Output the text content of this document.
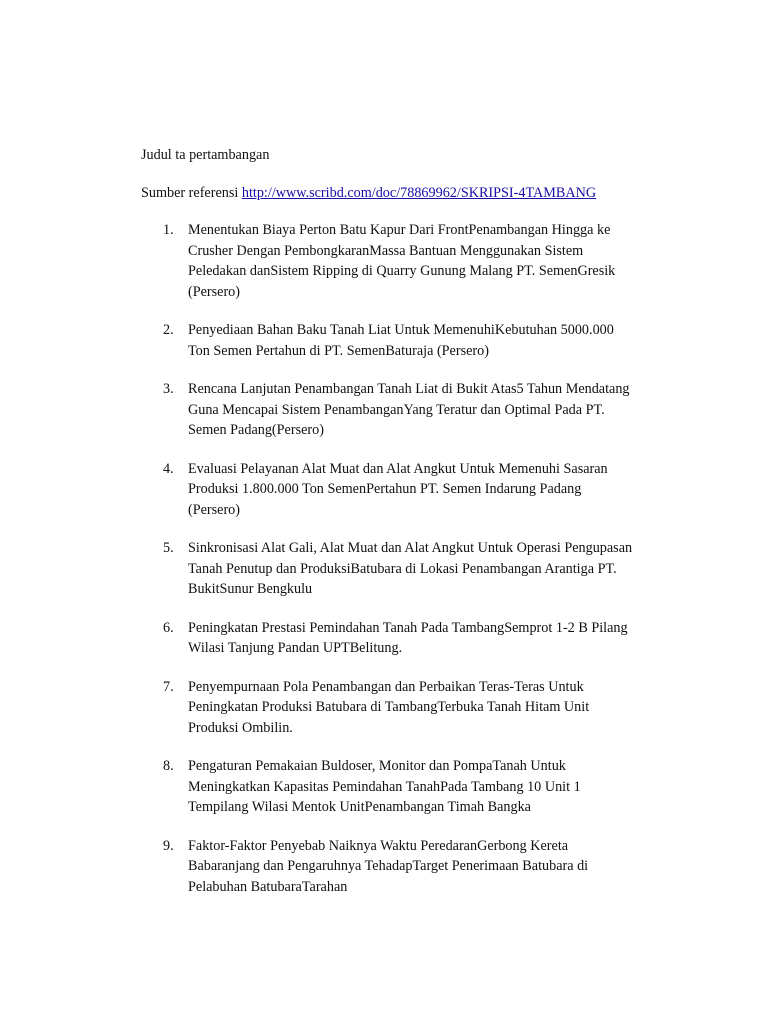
Judul ta pertambangan

Sumber referensi http://www.scribd.com/doc/78869962/SKRIPSI-4TAMBANG
1. Menentukan Biaya Perton Batu Kapur Dari FrontPenambangan Hingga ke
Crusher Dengan PembongkaranMassa Bantuan Menggunakan Sistem
Peledakan danSistem Ripping di Quarry Gunung Malang PT. SemenGresik
(Persero)
2. Penyediaan Bahan Baku Tanah Liat Untuk MemenuhiKebutuhan 5000.000
Ton Semen Pertahun di PT. SemenBaturaja (Persero)
3. Rencana Lanjutan Penambangan Tanah Liat di Bukit Atas5 Tahun Mendatang
Guna Mencapai Sistem PenambanganYang Teratur dan Optimal Pada PT.
Semen Padang(Persero)
4. Evaluasi Pelayanan Alat Muat dan Alat Angkut Untuk Memenuhi Sasaran
Produksi 1.800.000 Ton SemenPertahun PT. Semen Indarung Padang
(Persero)
5. Sinkronisasi Alat Gali, Alat Muat dan Alat Angkut Untuk Operasi Pengupasan
Tanah Penutup dan ProduksiBatubara di Lokasi Penambangan Arantiga PT.
BukitSunur Bengkulu
6. Peningkatan Prestasi Pemindahan Tanah Pada TambangSemprot 1-2 B Pilang
Wilasi Tanjung Pandan UPTBelitung.
7. Penyempurnaan Pola Penambangan dan Perbaikan Teras-Teras Untuk
Peningkatan Produksi Batubara di TambangTerbuka Tanah Hitam Unit
Produksi Ombilin.
8. Pengaturan Pemakaian Buldoser, Monitor dan PompaTanah Untuk
Meningkatkan Kapasitas Pemindahan TanahPada Tambang 10 Unit 1
Tempilang Wilasi Mentok UnitPenambangan Timah Bangka
9. Faktor-Faktor Penyebab Naiknya Waktu PeredaranGerbong Kereta
Babaranjang dan Pengaruhnya TehadapTarget Penerimaan Batubara di
Pelabuhan BatubaraTarahan
